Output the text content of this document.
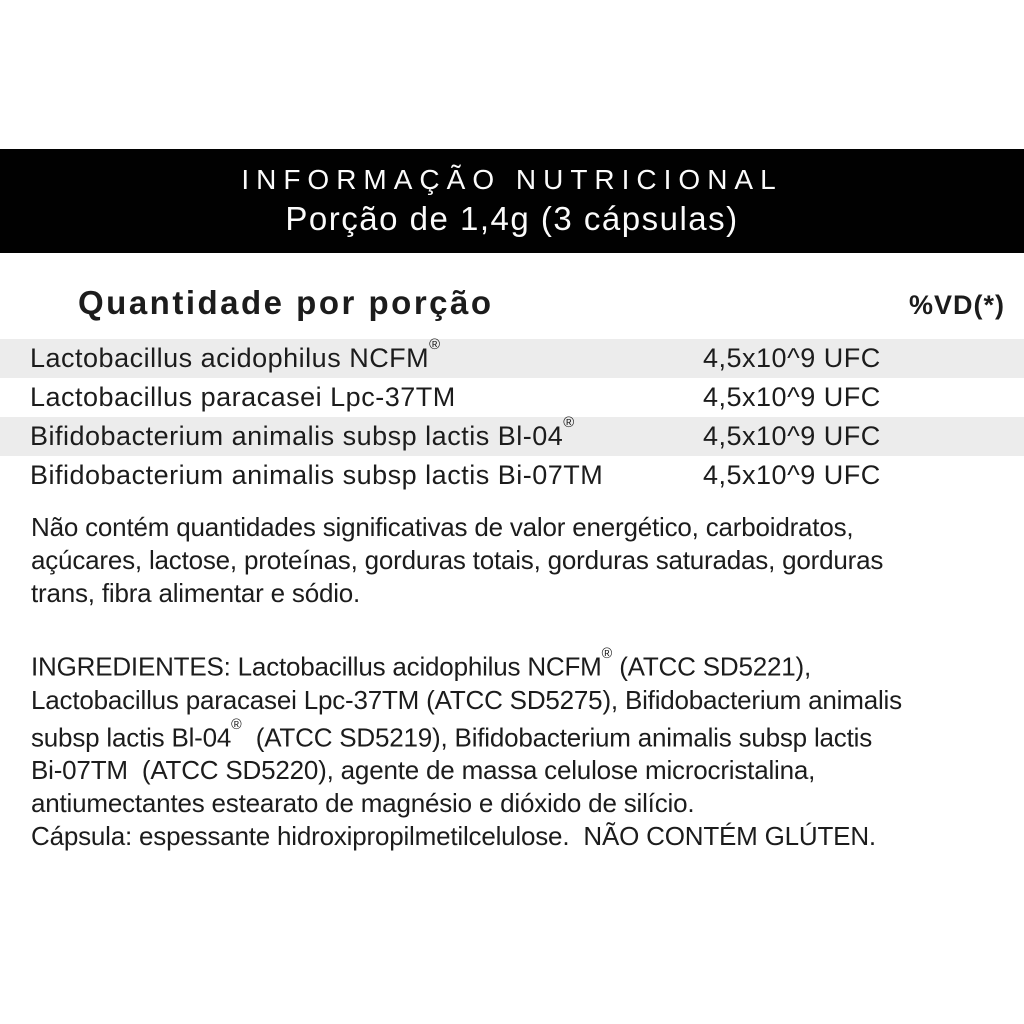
INFORMAÇÃO NUTRICIONAL
Porção de 1,4g (3 cápsulas)
Quantidade por porção	%VD(*)
Lactobacillus acidophilus NCFM®	4,5x10^9 UFC
Lactobacillus paracasei Lpc-37TM	4,5x10^9 UFC
Bifidobacterium animalis subsp lactis Bl-04®	4,5x10^9 UFC
Bifidobacterium animalis subsp lactis Bi-07TM	4,5x10^9 UFC
Não contém quantidades significativas de valor energético, carboidratos,
açúcares, lactose, proteínas, gorduras totais, gorduras saturadas, gorduras
trans, fibra alimentar e sódio.
INGREDIENTES: Lactobacillus acidophilus NCFM® (ATCC SD5221),
Lactobacillus paracasei Lpc-37TM (ATCC SD5275), Bifidobacterium animalis
subsp lactis Bl-04®  (ATCC SD5219), Bifidobacterium animalis subsp lactis
Bi-07TM  (ATCC SD5220), agente de massa celulose microcristalina,
antiumectantes estearato de magnésio e dióxido de silício.
Cápsula: espessante hidroxipropilmetilcelulose.  NÃO CONTÉM GLÚTEN.
